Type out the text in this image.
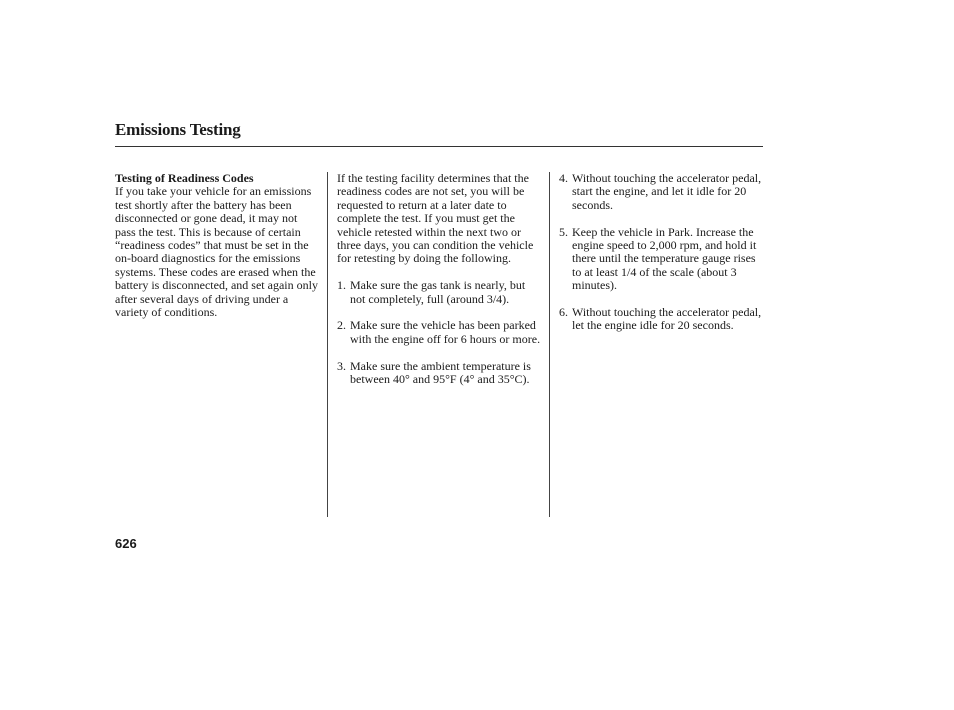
Emissions Testing

Testing of Readiness Codes

If you take your vehicle for an emissions test shortly after the battery has been disconnected or gone dead, it may not pass the test. This is because of certain “readiness codes” that must be set in the on-board diagnostics for the emissions systems. These codes are erased when the battery is disconnected, and set again only after several days of driving under a variety of conditions.

If the testing facility determines that the readiness codes are not set, you will be requested to return at a later date to complete the test. If you must get the vehicle retested within the next two or three days, you can condition the vehicle for retesting by doing the following.

1. Make sure the gas tank is nearly, but not completely, full (around 3/4).
2. Make sure the vehicle has been parked with the engine off for 6 hours or more.
3. Make sure the ambient temperature is between 40° and 95°F (4° and 35°C).
4. Without touching the accelerator pedal, start the engine, and let it idle for 20 seconds.
5. Keep the vehicle in Park. Increase the engine speed to 2,000 rpm, and hold it there until the temperature gauge rises to at least 1/4 of the scale (about 3 minutes).
6. Without touching the accelerator pedal, let the engine idle for 20 seconds.
626
